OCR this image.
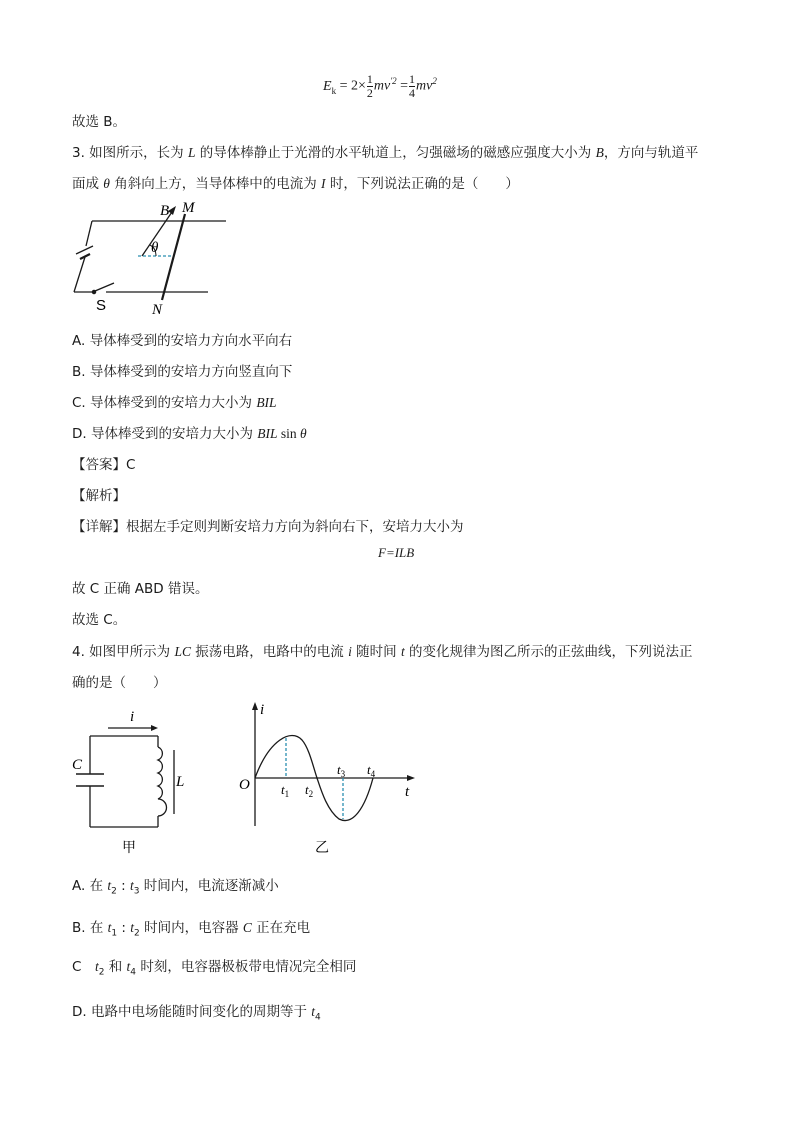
$E_k = 2\times \frac{1}{2} mv^{'2} = \frac{1}{4} mv^2$
故选 B。
3. 如图所示，长为 L 的导体棒静止于光滑的水平轨道上，匀强磁场的磁感应强度大小为 B，方向与轨道平
面成 θ 角斜向上方，当导体棒中的电流为 I 时，下列说法正确的是（　　）
B M
θ
N
S
A. 导体棒受到的安培力方向水平向右
B. 导体棒受到的安培力方向竖直向下
C. 导体棒受到的安培力大小为 BIL
D. 导体棒受到的安培力大小为 BIL sin θ
【答案】C
【解析】
【详解】根据左手定则判断安培力方向为斜向右下，安培力大小为
F=ILB
故 C 正确 ABD 错误。
故选 C。
4. 如图甲所示为 LC 振荡电路，电路中的电流 i 随时间 t 的变化规律为图乙所示的正弦曲线，下列说法正
确的是（　　）
i
C
L
甲
i
O	t
$t_1$ $t_2$
$t_3$ $t_4$
乙
A. 在 $t_2$ : $t_3$ 时间内，电流逐渐减小
B. 在 $t_1$ : $t_2$ 时间内，电容器 C 正在充电
C　$t_2$ 和 $t_4$ 时刻，电容器极板带电情况完全相同
D. 电路中电场能随时间变化的周期等于 $t_4$
